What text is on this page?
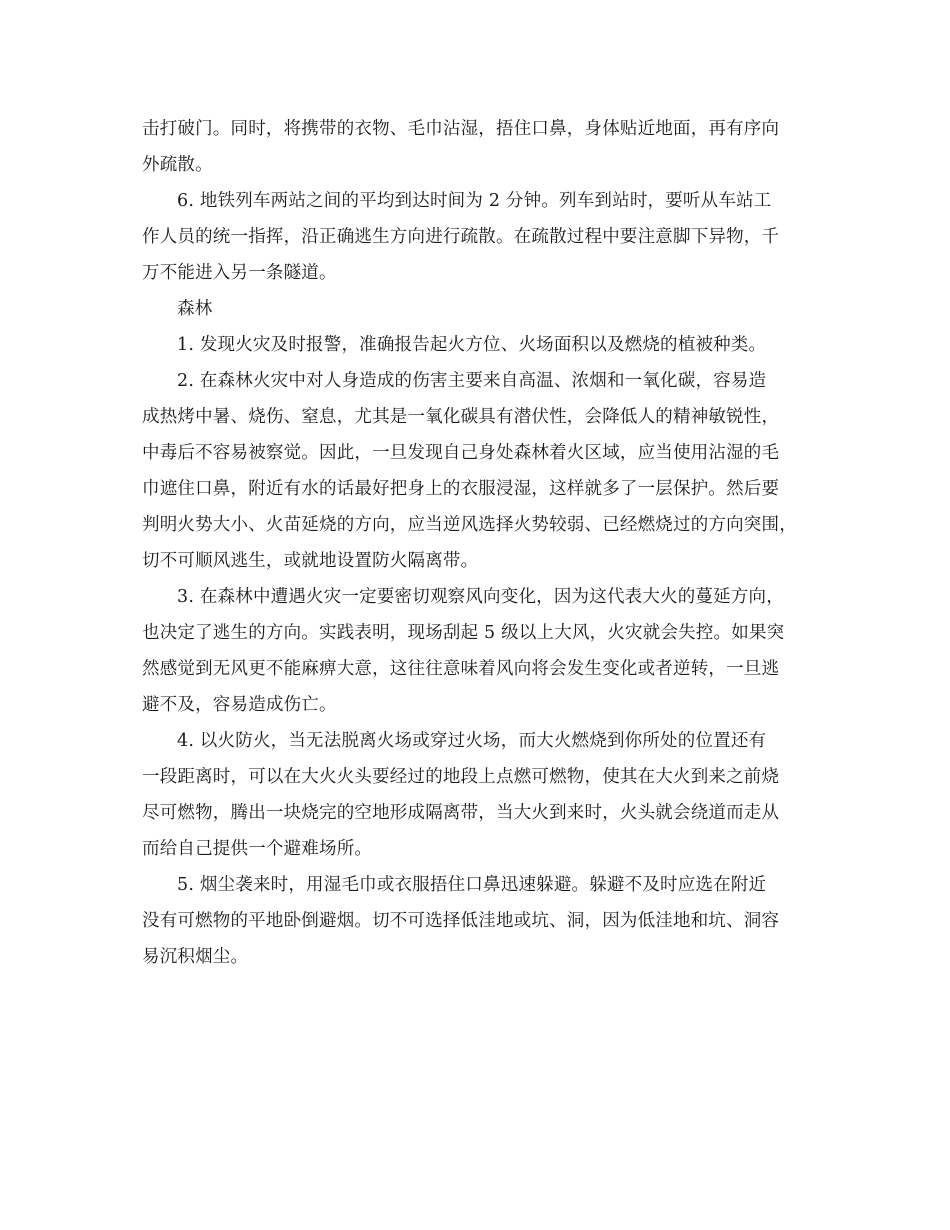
击打破门。同时，将携带的衣物、毛巾沾湿，捂住口鼻，身体贴近地面，再有序向
外疏散。
6. 地铁列车两站之间的平均到达时间为 2 分钟。列车到站时，要听从车站工
作人员的统一指挥，沿正确逃生方向进行疏散。在疏散过程中要注意脚下异物，千
万不能进入另一条隧道。
森林
1. 发现火灾及时报警，准确报告起火方位、火场面积以及燃烧的植被种类。
2. 在森林火灾中对人身造成的伤害主要来自高温、浓烟和一氧化碳，容易造
成热烤中暑、烧伤、窒息，尤其是一氧化碳具有潜伏性，会降低人的精神敏锐性，
中毒后不容易被察觉。因此，一旦发现自己身处森林着火区域，应当使用沾湿的毛
巾遮住口鼻，附近有水的话最好把身上的衣服浸湿，这样就多了一层保护。然后要
判明火势大小、火苗延烧的方向，应当逆风选择火势较弱、已经燃烧过的方向突围，
切不可顺风逃生，或就地设置防火隔离带。
3. 在森林中遭遇火灾一定要密切观察风向变化，因为这代表大火的蔓延方向，
也决定了逃生的方向。实践表明，现场刮起 5 级以上大风，火灾就会失控。如果突
然感觉到无风更不能麻痹大意，这往往意味着风向将会发生变化或者逆转，一旦逃
避不及，容易造成伤亡。
4. 以火防火，当无法脱离火场或穿过火场，而大火燃烧到你所处的位置还有
一段距离时，可以在大火火头要经过的地段上点燃可燃物，使其在大火到来之前烧
尽可燃物，腾出一块烧完的空地形成隔离带，当大火到来时，火头就会绕道而走从
而给自己提供一个避难场所。
5. 烟尘袭来时，用湿毛巾或衣服捂住口鼻迅速躲避。躲避不及时应选在附近
没有可燃物的平地卧倒避烟。切不可选择低洼地或坑、洞，因为低洼地和坑、洞容
易沉积烟尘。
